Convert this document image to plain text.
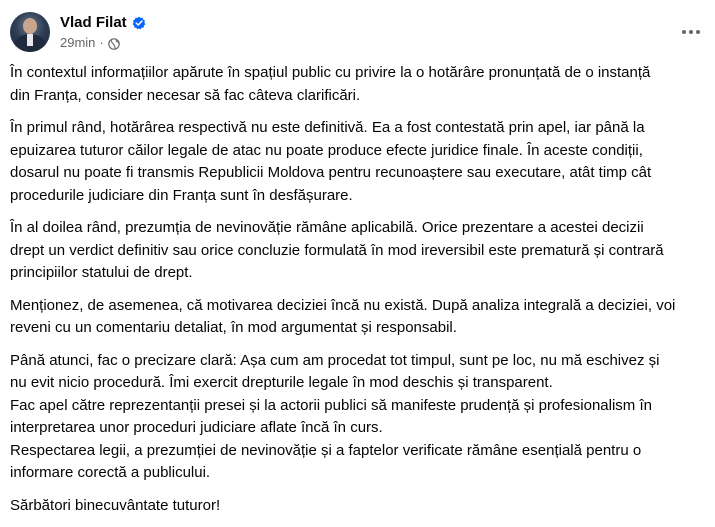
Vlad Filat
29min ·

În contextul informațiilor apărute în spațiul public cu privire la o hotărâre pronunțată de o instanță
din Franța, consider necesar să fac câteva clarificări.

În primul rând, hotărârea respectivă nu este definitivă. Ea a fost contestată prin apel, iar până la
epuizarea tuturor căilor legale de atac nu poate produce efecte juridice finale. În aceste condiții,
dosarul nu poate fi transmis Republicii Moldova pentru recunoaștere sau executare, atât timp cât
procedurile judiciare din Franța sunt în desfășurare.

În al doilea rând, prezumția de nevinovăție rămâne aplicabilă. Orice prezentare a acestei decizii
drept un verdict definitiv sau orice concluzie formulată în mod ireversibil este prematură și contrară
principiilor statului de drept.

Menționez, de asemenea, că motivarea deciziei încă nu există. După analiza integrală a deciziei, voi
reveni cu un comentariu detaliat, în mod argumentat și responsabil.

Până atunci, fac o precizare clară: Așa cum am procedat tot timpul, sunt pe loc, nu mă eschivez și
nu evit nicio procedură. Îmi exercit drepturile legale în mod deschis și transparent.
Fac apel către reprezentanții presei și la actorii publici să manifeste prudență și profesionalism în
interpretarea unor proceduri judiciare aflate încă în curs.
Respectarea legii, a prezumției de nevinovăție și a faptelor verificate rămâne esențială pentru o
informare corectă a publicului.

Sărbători binecuvântate tuturor!
